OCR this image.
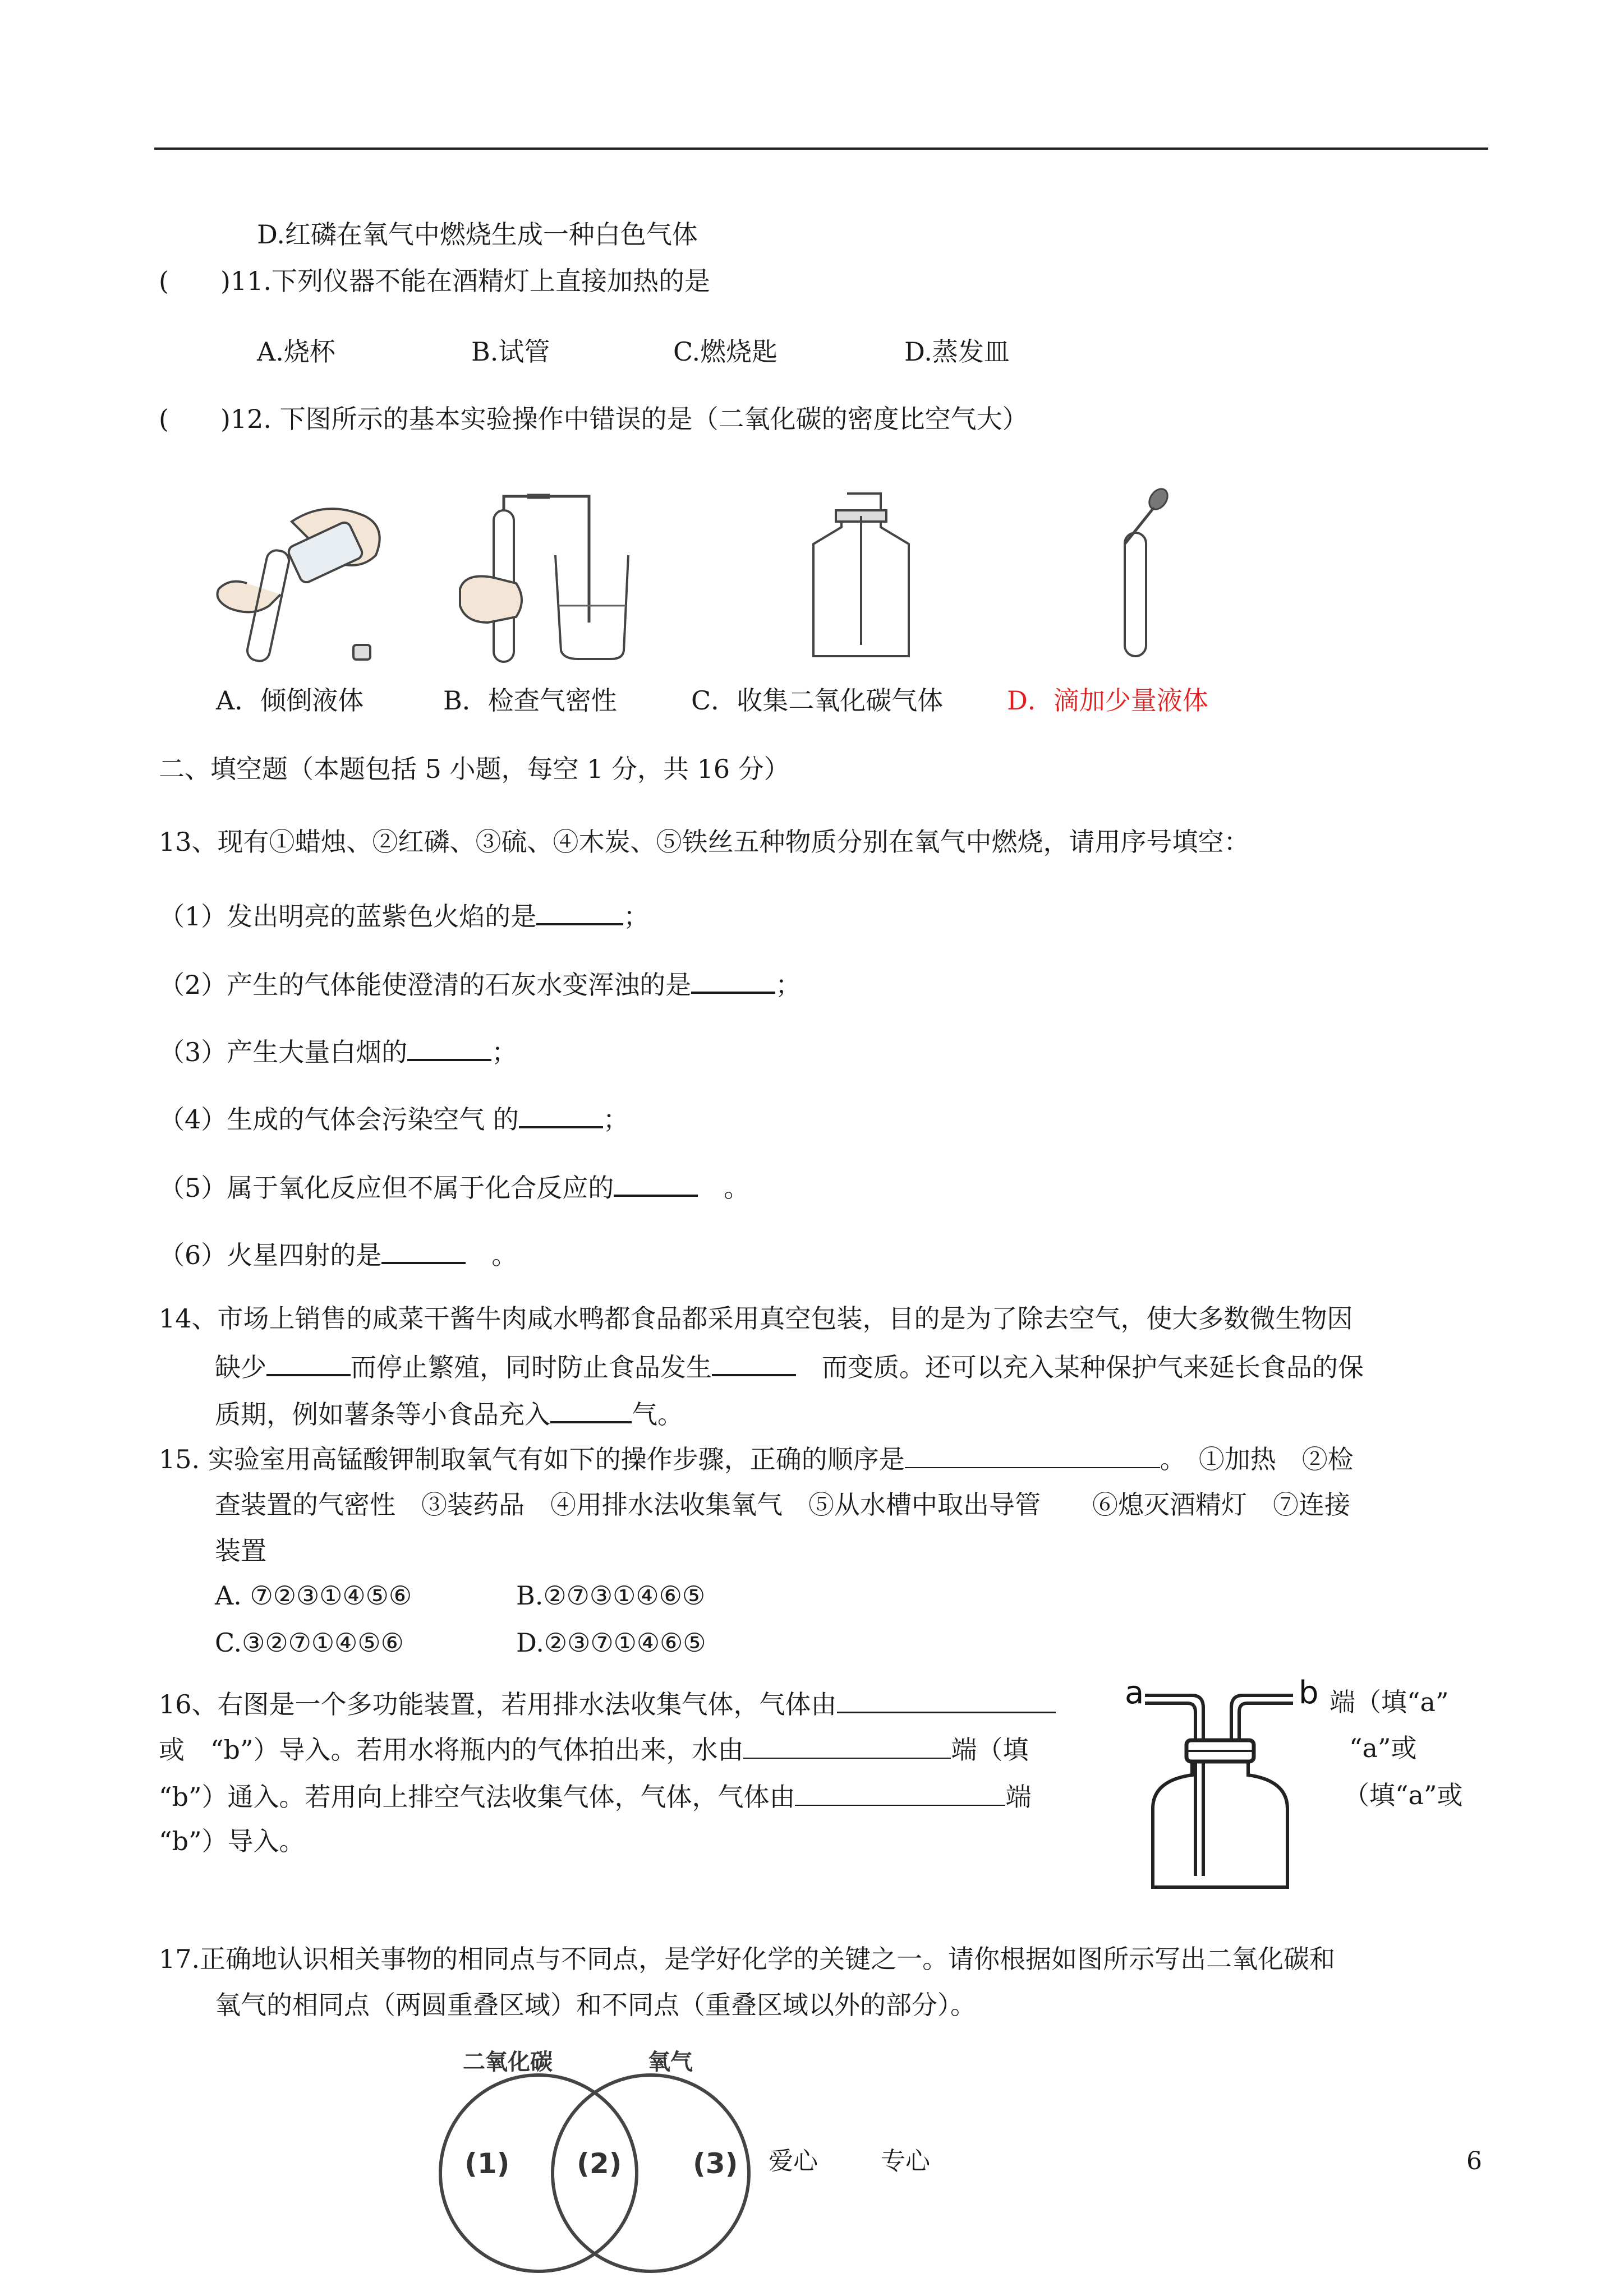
D.红磷在氧气中燃烧生成一种白色气体
(　　)11.下列仪器不能在酒精灯上直接加热的是
A.烧杯	B.试管	C.燃烧匙	D.蒸发皿
(　　)12. 下图所示的基本实验操作中错误的是（二氧化碳的密度比空气大）
A．倾倒液体	B．检查气密性	C．收集二氧化碳气体 D．滴加少量液体
二、填空题（本题包括 5 小题，每空 1 分，共 16 分）
13、现有①蜡烛、②红磷、③硫、④木炭、⑤铁丝五种物质分别在氧气中燃烧，请用序号填空：
（1）发出明亮的蓝紫色火焰的是	；
（2）产生的气体能使澄清的石灰水变浑浊的是	；
（3）产生大量白烟的	；
（4）生成的气体会污染空气 的	；
（5）属于氧化反应但不属于化合反应的	　。
（6）火星四射的是	　。
14、市场上销售的咸菜干酱牛肉咸水鸭都食品都采用真空包装，目的是为了除去空气，使大多数微生物因
缺少	而停止繁殖，同时防止食品发生	　而变质。还可以充入某种保护气来延长食品的保
质期，例如薯条等小食品充入	气。
15. 实验室用高锰酸钾制取氧气有如下的操作步骤，正确的顺序是	。　①加热　②检
查装置的气密性　③装药品　④用排水法收集氧气　⑤从水槽中取出导管　　⑥熄灭酒精灯　⑦连接
装置
A. ⑦②③①④⑤⑥	B.②⑦③①④⑥⑤
C.③②⑦①④⑤⑥	D.②③⑦①④⑥⑤
16、右图是一个多功能装置，若用排水法收集气体，气体由	端（填“a”
或　“b”）导入。若用水将瓶内的气体拍出来，水由	端（填	“a”或
“b”）通入。若用向上排空气法收集气体，气体，气体由	端	（填“a”或
“b”）导入。
a	b
17.正确地认识相关事物的相同点与不同点，是学好化学的关键之一。请你根据如图所示写出二氧化碳和
氧气的相同点（两圆重叠区域）和不同点（重叠区域以外的部分）。
二氧化碳	氧气
(1) (2)	(3) 爱心	专心	6
